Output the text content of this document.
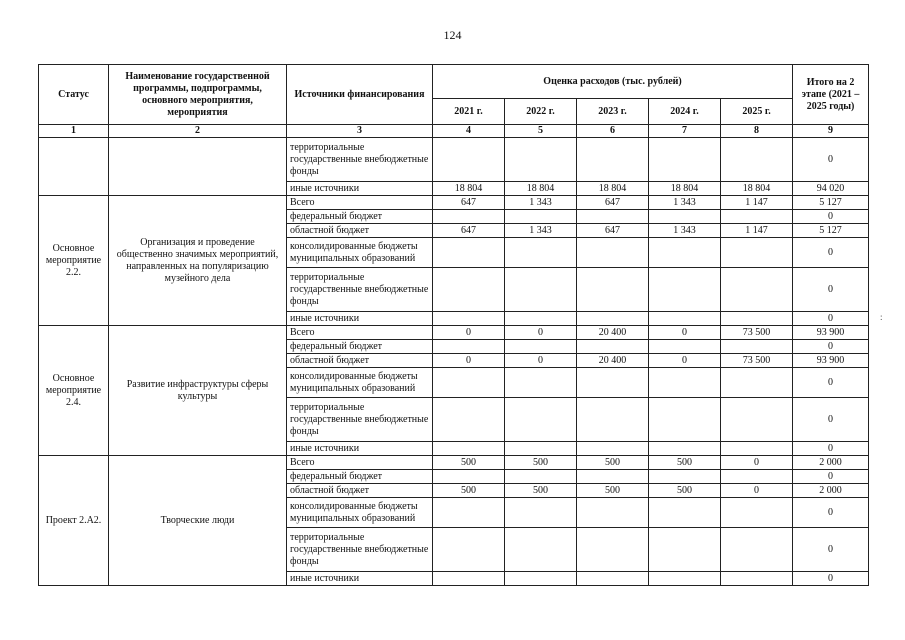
124
Статус	Наименование государственной программы, подпрограммы, основного мероприятия, мероприятия	Источники финансирования	Оценка расходов (тыс. рублей)					Итого на 2 этапе (2021 – 2025 годы)
			2021 г.	2022 г.	2023 г.	2024 г.	2025 г.	
1	2	3	4	5	6	7	8	9
		территориальные государственные внебюджетные фонды						0
		иные источники	18 804	18 804	18 804	18 804	18 804	94 020
Основное мероприятие 2.2.	Организация и проведение общественно значимых мероприятий, направленных на популяризацию музейного дела	Всего	647	1 343	647	1 343	1 147	5 127
		федеральный бюджет						0
		областной бюджет	647	1 343	647	1 343	1 147	5 127
		консолидированные бюджеты муниципальных образований						0
		территориальные государственные внебюджетные фонды						0
		иные источники						0
Основное мероприятие 2.4.	Развитие инфраструктуры сферы культуры	Всего	0	0	20 400	0	73 500	93 900
		федеральный бюджет						0
		областной бюджет	0	0	20 400	0	73 500	93 900
		консолидированные бюджеты муниципальных образований						0
		территориальные государственные внебюджетные фонды						0
		иные источники						0
Проект 2.А2.	Творческие люди	Всего	500	500	500	500	0	2 000
		федеральный бюджет						0
		областной бюджет	500	500	500	500	0	2 000
		консолидированные бюджеты муниципальных образований						0
		территориальные государственные внебюджетные фонды						0
		иные источники						0
:
